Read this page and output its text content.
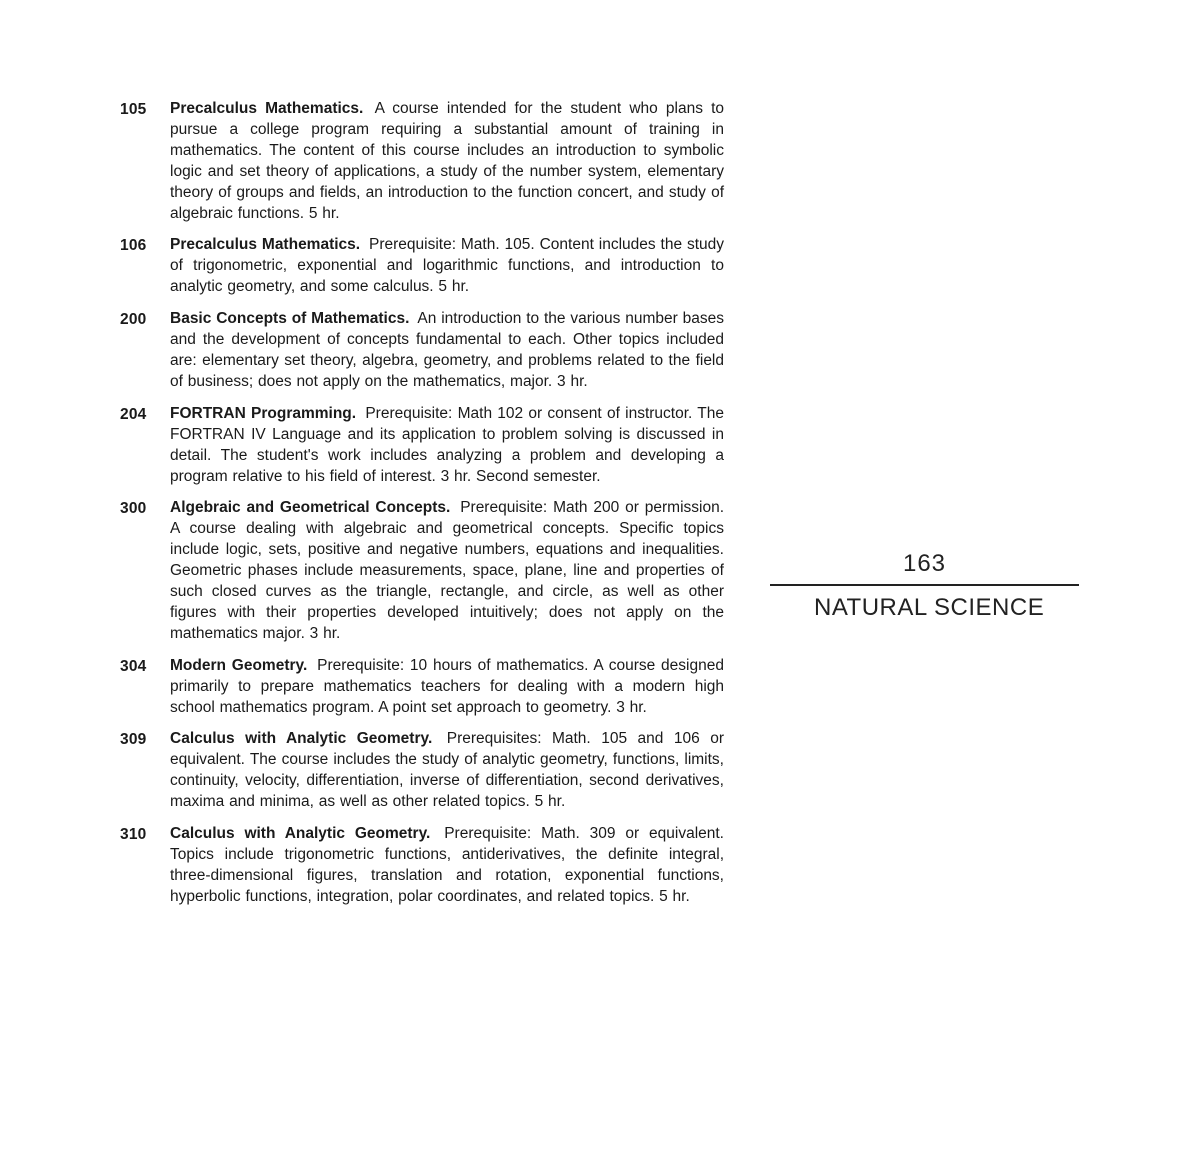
105	Precalculus Mathematics. A course intended for the student who plans to pursue a college program requiring a substantial amount of training in mathematics. The content of this course includes an introduction to symbolic logic and set theory of applications, a study of the number system, elementary theory of groups and fields, an introduction to the function concert, and study of algebraic functions. 5 hr.
106	Precalculus Mathematics. Prerequisite: Math. 105. Content includes the study of trigonometric, exponential and logarithmic functions, and introduction to analytic geometry, and some calculus. 5 hr.
200	Basic Concepts of Mathematics. An introduction to the various number bases and the development of concepts fundamental to each. Other topics included are: elementary set theory, algebra, geometry, and problems related to the field of business; does not apply on the mathematics, major. 3 hr.
204	FORTRAN Programming. Prerequisite: Math 102 or consent of instructor. The FORTRAN IV Language and its application to problem solving is discussed in detail. The student's work includes analyzing a problem and developing a program relative to his field of interest. 3 hr. Second semester.
300	Algebraic and Geometrical Concepts. Prerequisite: Math 200 or permission. A course dealing with algebraic and geometrical concepts. Specific topics include logic, sets, positive and negative numbers, equations and inequalities. Geometric phases include measurements, space, plane, line and properties of such closed curves as the triangle, rectangle, and circle, as well as other figures with their properties developed intuitively; does not apply on the mathematics major. 3 hr.
304	Modern Geometry. Prerequisite: 10 hours of mathematics. A course designed primarily to prepare mathematics teachers for dealing with a modern high school mathematics program. A point set approach to geometry. 3 hr.
309	Calculus with Analytic Geometry. Prerequisites: Math. 105 and 106 or equivalent. The course includes the study of analytic geometry, functions, limits, continuity, velocity, differentiation, inverse of differentiation, second derivatives, maxima and minima, as well as other related topics. 5 hr.
310	Calculus with Analytic Geometry. Prerequisite: Math. 309 or equivalent. Topics include trigonometric functions, antiderivatives, the definite integral, three-dimensional figures, translation and rotation, exponential functions, hyperbolic functions, integration, polar coordinates, and related topics. 5 hr.
163
NATURAL SCIENCE
